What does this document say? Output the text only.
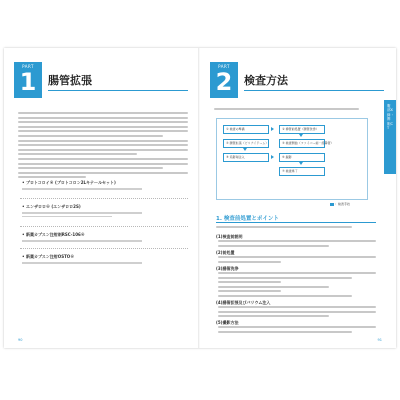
PART
1	腸管拡張
• プロトコロイ® (プロトコロン2Lキテールセット)
• エンザロロ® (エンザロロ2S)
• 新薬カプスン注射剤RSC-106®
• 新薬カプスン注射OSTO®
90
PART
2	検査方法
腹部X線・膵胆CT
① 検査の準備	② 挿管前処置（腸管洗浄）
③ 検査開始（ファイバー前・経鼻管）
④ 腸管拡張（ビリアイドーム）
⑤ 造影剤注入	⑥ 撮影
⑦ 検査終了
：検査手技
1. 検査前処置とポイント
(1)検査前説明
(2)前処置
(3)腸管洗浄
(4)腸管拡張及びバリウム注入
(5)撮影方法
91
